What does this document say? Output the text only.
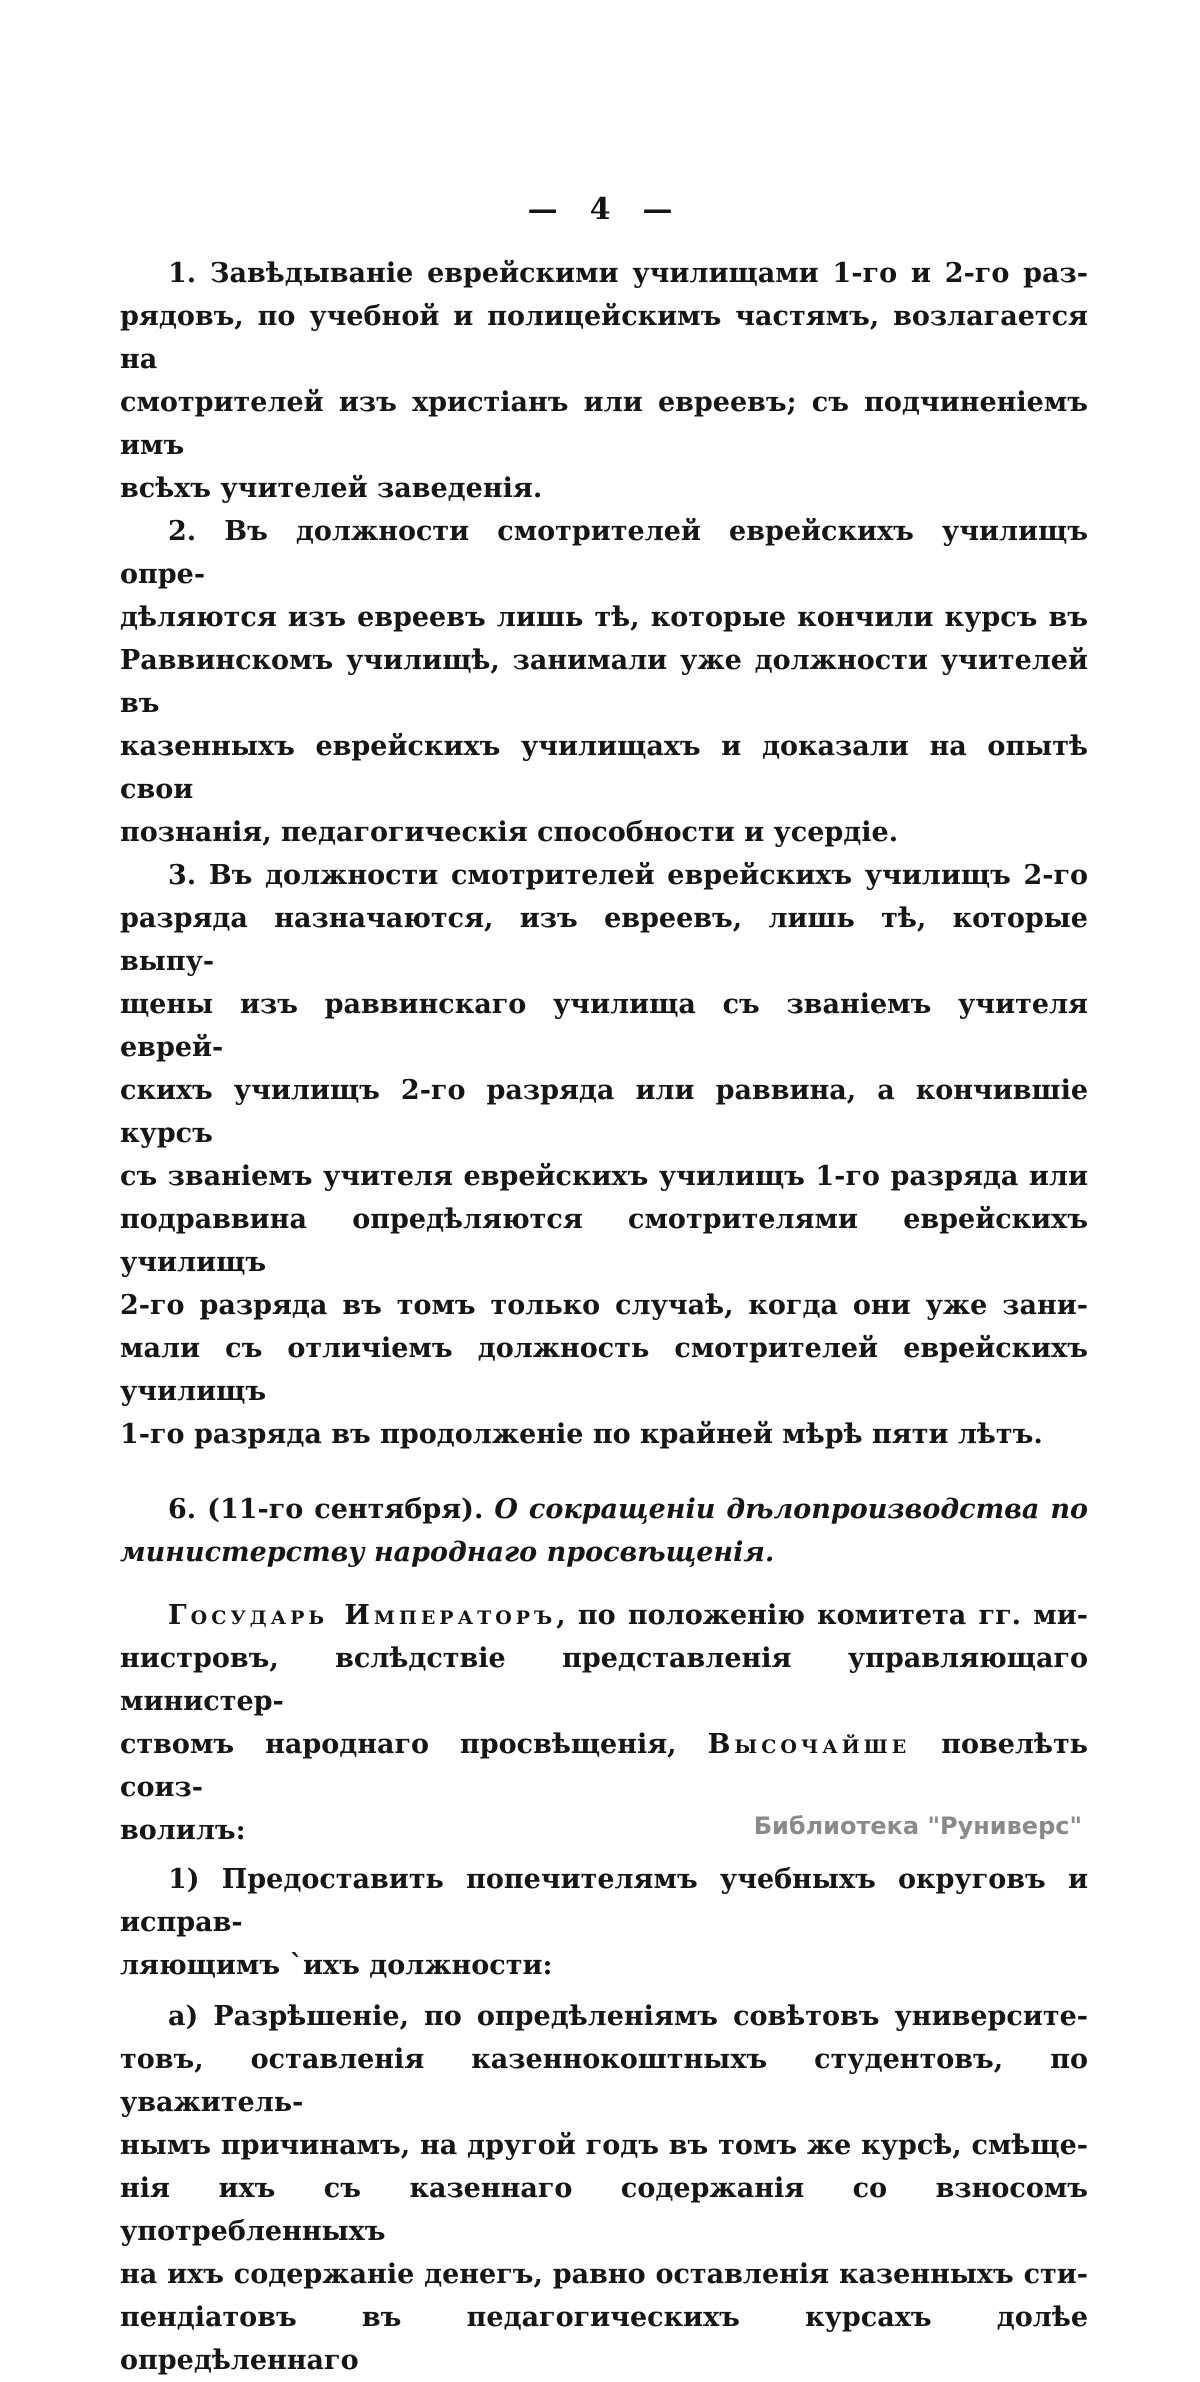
— 4 —
1. Завѣдываніе еврейскими училищами 1-го и 2-го раз-
рядовъ, по учебной и полицейскимъ частямъ, возлагается на
смотрителей изъ христіанъ или евреевъ; съ подчиненіемъ имъ
всѣхъ учителей заведенія.
2. Въ должности смотрителей еврейскихъ училищъ опре-
дѣляются изъ евреевъ лишь тѣ, которые кончили курсъ въ
Раввинскомъ училищѣ, занимали уже должности учителей въ
казенныхъ еврейскихъ училищахъ и доказали на опытѣ свои
познанія, педагогическія способности и усердіе.
3. Въ должности смотрителей еврейскихъ училищъ 2-го
разряда назначаются, изъ евреевъ, лишь тѣ, которые выпу-
щены изъ раввинскаго училища съ званіемъ учителя еврей-
скихъ училищъ 2-го разряда или раввина, а кончившіе курсъ
съ званіемъ учителя еврейскихъ училищъ 1-го разряда или
подраввина опредѣляются смотрителями еврейскихъ училищъ
2-го разряда въ томъ только случаѣ, когда они уже зани-
мали съ отличіемъ должность смотрителей еврейскихъ училищъ
1-го разряда въ продолженіе по крайней мѣрѣ пяти лѣтъ.
6. (11-го сентября). О сокращеніи дѣлопроизводства по
министерству народнаго просвѣщенія.
Государь Императоръ, по положенію комитета гг. ми-
нистровъ, вслѣдствіе представленія управляющаго министер-
ствомъ народнаго просвѣщенія, Высочайше повелѣть соиз-
волилъ:
1) Предоставить попечителямъ учебныхъ округовъ и исправ-
ляющимъ `ихъ должности:
а) Разрѣшеніе, по опредѣленіямъ совѣтовъ университе-
товъ, оставленія казеннокоштныхъ студентовъ, по уважитель-
нымъ причинамъ, на другой годъ въ томъ же курсѣ, смѣще-
нія ихъ съ казеннаго содержанія со взносомъ употребленныхъ
на ихъ содержаніе денегъ, равно оставленія казенныхъ сти-
пендіатовъ въ педагогическихъ курсахъ долѣе опредѣленнаго
Библиотека "Руниверс"
